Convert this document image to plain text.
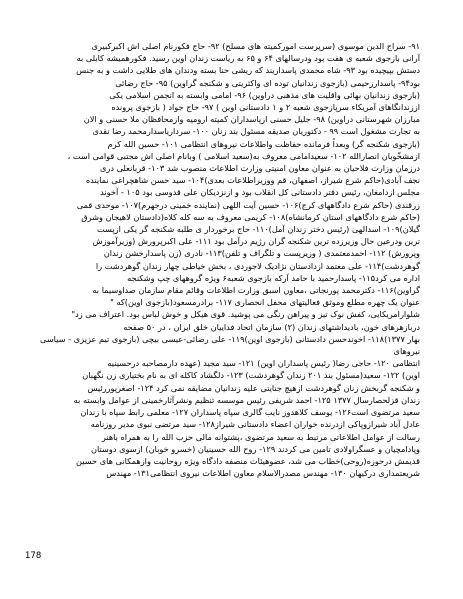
۹۱- سراج الدین موسوی (سرپرست امورکمیته های مسلح) ۹۲- حاج فکورنام اصلی اش اکبرکبیری

آرانی بازجوی شعبه ی هفت بود ودرسالهای ۶۴ و ۶۵ به ریاست زندان اوین رسید. فکورهمیشه کابلی به

دستش بپیچیده بود ۹۳- شاه محمدی پاسداریند که ریشی حنا بسته ودندان های طلایی داشت و به جنس

بود۹۴- پاسدارزحیمی (بازجوی زندانیان توده ای واکثریتی و شکنجه گراوین) ۹۵- حاج رضائی

(بازجوی زندانیان بهائی واقلیت های مذهبی دراوین) ۹۶- امامی وابسته به انجمن اسلامی یکی

اززندانگاهای آمریکاء سرپازجوی شعبه ۲ و ۱ دادستانی اوین ) ۹۷- حاج جواد ( بازجوی پرونده

مبارزان شهرستانی دراوین) ۹۸- جلیل حسنی ازپاسداران کمیته ارومیه وازمحافظان ملا حسنی و الان

به تجارت مشغول است ۹۹ - دکتوریان صدیقه مسئول بند زنان ۱۰۰- سرداریاسدارمحمد رضا نقدی

(بازجوی شکنجه گر) وبعداً فرمانده حفاظت واطلاعات نیروهای انتظامی ۱۰۱- حسین الله کرم

ازمشخّوبان انصارالله ۱۰۲- سعیدامامی معروف به(سعید اسلامی ) وبانام اصلی اش مجتبی قوامی است ،

درزمان وزارت فلاحیان به عنوان معاون امنیتی وزارت اطلاعات منصوب شد ۱۰۳- قربانعلی دری

نجف آبادی(حاکم شرع شیراز، اصفهان، قم ووزیراطلاعات بعدی)۱۰۴- سید حسن شاهچراغی نماینده

مجلس ازدامغان، رئیس دفتر دادستانی کل انقلاب بود و ازنزدیکان علی قدوسی بود ۱۰۵ - آخوند

زرقندی (حاکم شرع دادگاههای کرج)۱۰۶- حسین آیت اللهی (نماینده خمینی درجهرم)۱۰۷- موحدی قمی

(حاکم شرع دادگاههای استان کرمانشاه)۱۰۸- کریمی معروف به سه کله کلاه(دادستان لاهیجان وشرق

گیلان)۱۰۹- اسدالهی (رئیس دختر زندان آمل)۱۱۰- حاج برخوردار ی طلبه شکنجه گر یکی ازپست

ترین ودرعین حال وزیرزده ترین شکنجه گران رژیم درآمل بود ۱۱۱- علی اکبرپرورش (وزیرآموزش

وپرورش) ۱۱۲- احمدمعتمدی ( وزیرپست و تلگراف و تلفن)۱۱۳- نادری (زن پاسدارخشن زندان

گوهردشت)۱۱۴- علی معتمد ازدادستان نژادیک لاجوردی ، بخش خیاطی چهار زندان گوهردشت را

اداره می کرد۱۱۵- پاسدارحمید با حامد آرکه بازجوی شعبه۶ ویژه گروههای چپ وشکنجه

گراوین)۱۱۶- دکترمحمد پورنجاتی ،معاون اسبق وزارت اطلاعات وقائم مقام سازمان صداوسیما به

عنوان یک چهره مطلع وموثق فعالیتهای محفل انحصاری ۱۱۷- برادرمسعود(بازجوی اوین)که "

شلوارامریکایی، کفش نوک تیز و پیراهن رنگی می پوشید. قوی هیکل و خوش لباس بود. اعتراف می زد"

دربازهرهای خون، بادیداشتهای زندان (۲) سازمان اتحاد فداییان خلق ایران ، در ۵۰ صفحه

بهار ۱۳۷۷)۱۱۸- اخوندحسن دادستانی (بازجوی اوین)۱۱۹- علی رضائی-عیسی بیچی (بازجوی تیم عزیزی - سیاسی نیروهای

انتظامی ۱۲۰- حاجی رضا( رئیس پاسداران اوین) ۱۲۱- سید مجید (عهده دارمصاحبه درحسینیه

اوین) ۱۲۲- سعید(مسئول بند ۲۰۱ زندان گوهردشت) ۱۲۳- دلگشاد کاکله ای به نام بختیاری زن نگهبان

و شکنجه گربخش زنان گوهردشت ازهیچ جنایتی علیه زندانیان مضایقه نمی کرد ۱۲۴- اصغرپوررئیس

زندان قزلحصارسال ۱۳۷۷ ۱۲۵- احمد شریفی رئیس موسسه تنظیم ونشرآثارخمینی از عوامل وابسته به

سعید مرتضوی است۱۲۶- یوسف کلاهدوز نایب گالری سپاه پاسداران ۱۲۷- معلمی رابط سپاه با زندان

عادل آباد شیرازوپاکی ازدرنده خواران اعضاء دادستانی شیراز۱۲۸- سید مرتضی نبوی مدیر روزنامه

رسالت از عوامل اطلاعاتی مرتبط به سعید مرتضوی ،پشتوانه مالی حزب الله را به همراه باهنر

وپادامچیان و عسگراولادی تامین می کردند ۱۲۹- روح الله حسینیان (خسرو خوبان) ازسوی دوستان

قدیمش درحوزه(روحی)خطاب می شد، عضوهیئات منصفه دادگاه ویژه روحانیت وازهمکانی های حسین

شریعتمداری درکیهان ۱۳۰- مهندس مصدرالاسلام معاون اطلاعات نیروی انتظامی۱۳۱- مهندس

178
